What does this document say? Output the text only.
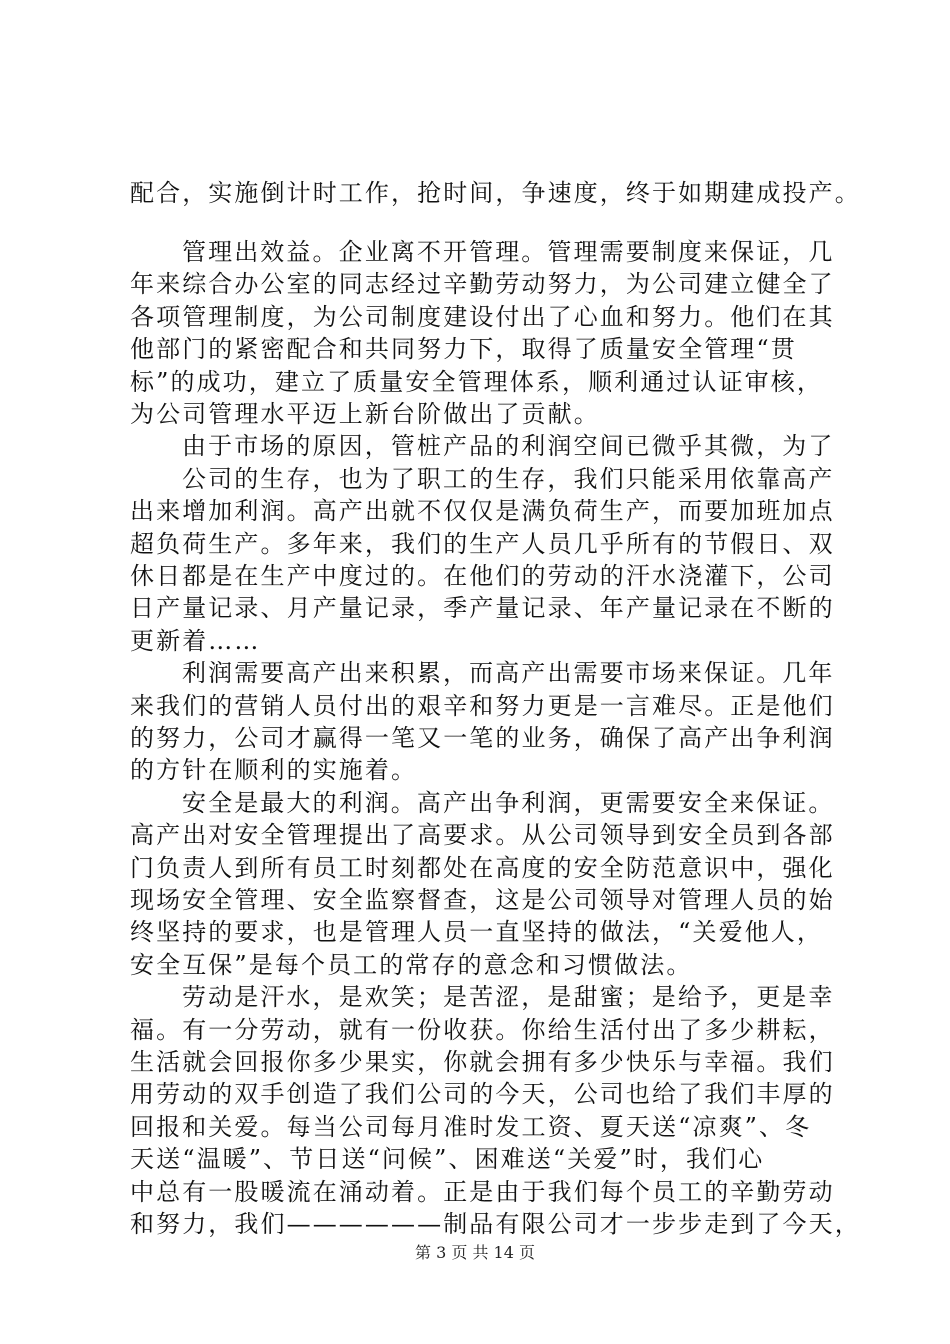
配合，实施倒计时工作，抢时间，争速度，终于如期建成投产。
管理出效益。企业离不开管理。管理需要制度来保证，几
年来综合办公室的同志经过辛勤劳动努力，为公司建立健全了
各项管理制度，为公司制度建设付出了心血和努力。他们在其
他部门的紧密配合和共同努力下，取得了质量安全管理“贯
标”的成功，建立了质量安全管理体系，顺利通过认证审核，
为公司管理水平迈上新台阶做出了贡献。
由于市场的原因，管桩产品的利润空间已微乎其微，为了
公司的生存，也为了职工的生存，我们只能采用依靠高产
出来增加利润。高产出就不仅仅是满负荷生产，而要加班加点
超负荷生产。多年来，我们的生产人员几乎所有的节假日、双
休日都是在生产中度过的。在他们的劳动的汗水浇灌下，公司
日产量记录、月产量记录，季产量记录、年产量记录在不断的
更新着……
利润需要高产出来积累，而高产出需要市场来保证。几年
来我们的营销人员付出的艰辛和努力更是一言难尽。正是他们
的努力，公司才赢得一笔又一笔的业务，确保了高产出争利润
的方针在顺利的实施着。
安全是最大的利润。高产出争利润，更需要安全来保证。
高产出对安全管理提出了高要求。从公司领导到安全员到各部
门负责人到所有员工时刻都处在高度的安全防范意识中，强化
现场安全管理、安全监察督查，这是公司领导对管理人员的始
终坚持的要求，也是管理人员一直坚持的做法，“关爱他人，
安全互保”是每个员工的常存的意念和习惯做法。
劳动是汗水，是欢笑；是苦涩，是甜蜜；是给予，更是幸
福。有一分劳动，就有一份收获。你给生活付出了多少耕耘，
生活就会回报你多少果实，你就会拥有多少快乐与幸福。我们
用劳动的双手创造了我们公司的今天，公司也给了我们丰厚的
回报和关爱。每当公司每月准时发工资、夏天送“凉爽”、冬
天送“温暖”、节日送“问候”、困难送“关爱”时，我们心
中总有一股暖流在涌动着。正是由于我们每个员工的辛勤劳动
和努力，我们——————制品有限公司才一步步走到了今天，
第 3 页 共 14 页
